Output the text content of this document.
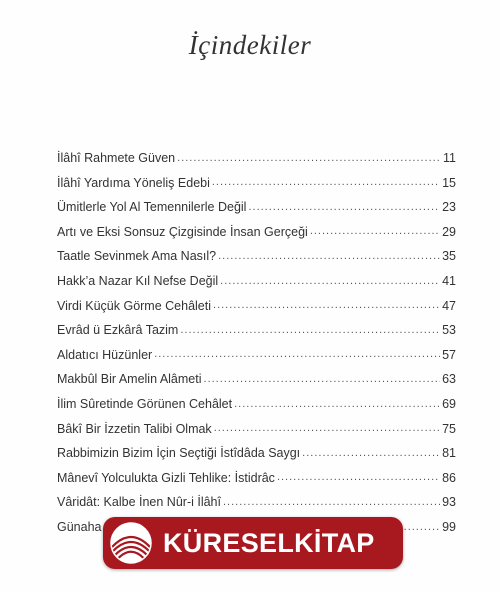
İçindekiler
İlâhî Rahmete Güven .....	11
İlâhî Yardıma Yöneliş Edebi .....	15
Ümitlerle Yol Al Temennilerle Değil .....	23
Artı ve Eksi Sonsuz Çizgisinde İnsan Gerçeği .....	29
Taatle Sevinmek Ama Nasıl? .....	35
Hakk’a Nazar Kıl Nefse Değil .....	41
Virdi Küçük Görme Cehâleti .....	47
Evrâd ü Ezkârâ Tazim .....	53
Aldatıcı Hüzünler .....	57
Makbûl Bir Amelin Alâmeti .....	63
İlim Sûretinde Görünen Cehâlet .....	69
Bâkî Bir İzzetin Talibi Olmak .....	75
Rabbimizin Bizim İçin Seçtiği İstîdâda Saygı .....	81
Mânevî Yolculukta Gizli Tehlike: İstidrâc .....	86
Vâridât: Kalbe İnen Nûr-i İlâhî .....	93
Günaha .....	99
KÜRESELKİTAP
